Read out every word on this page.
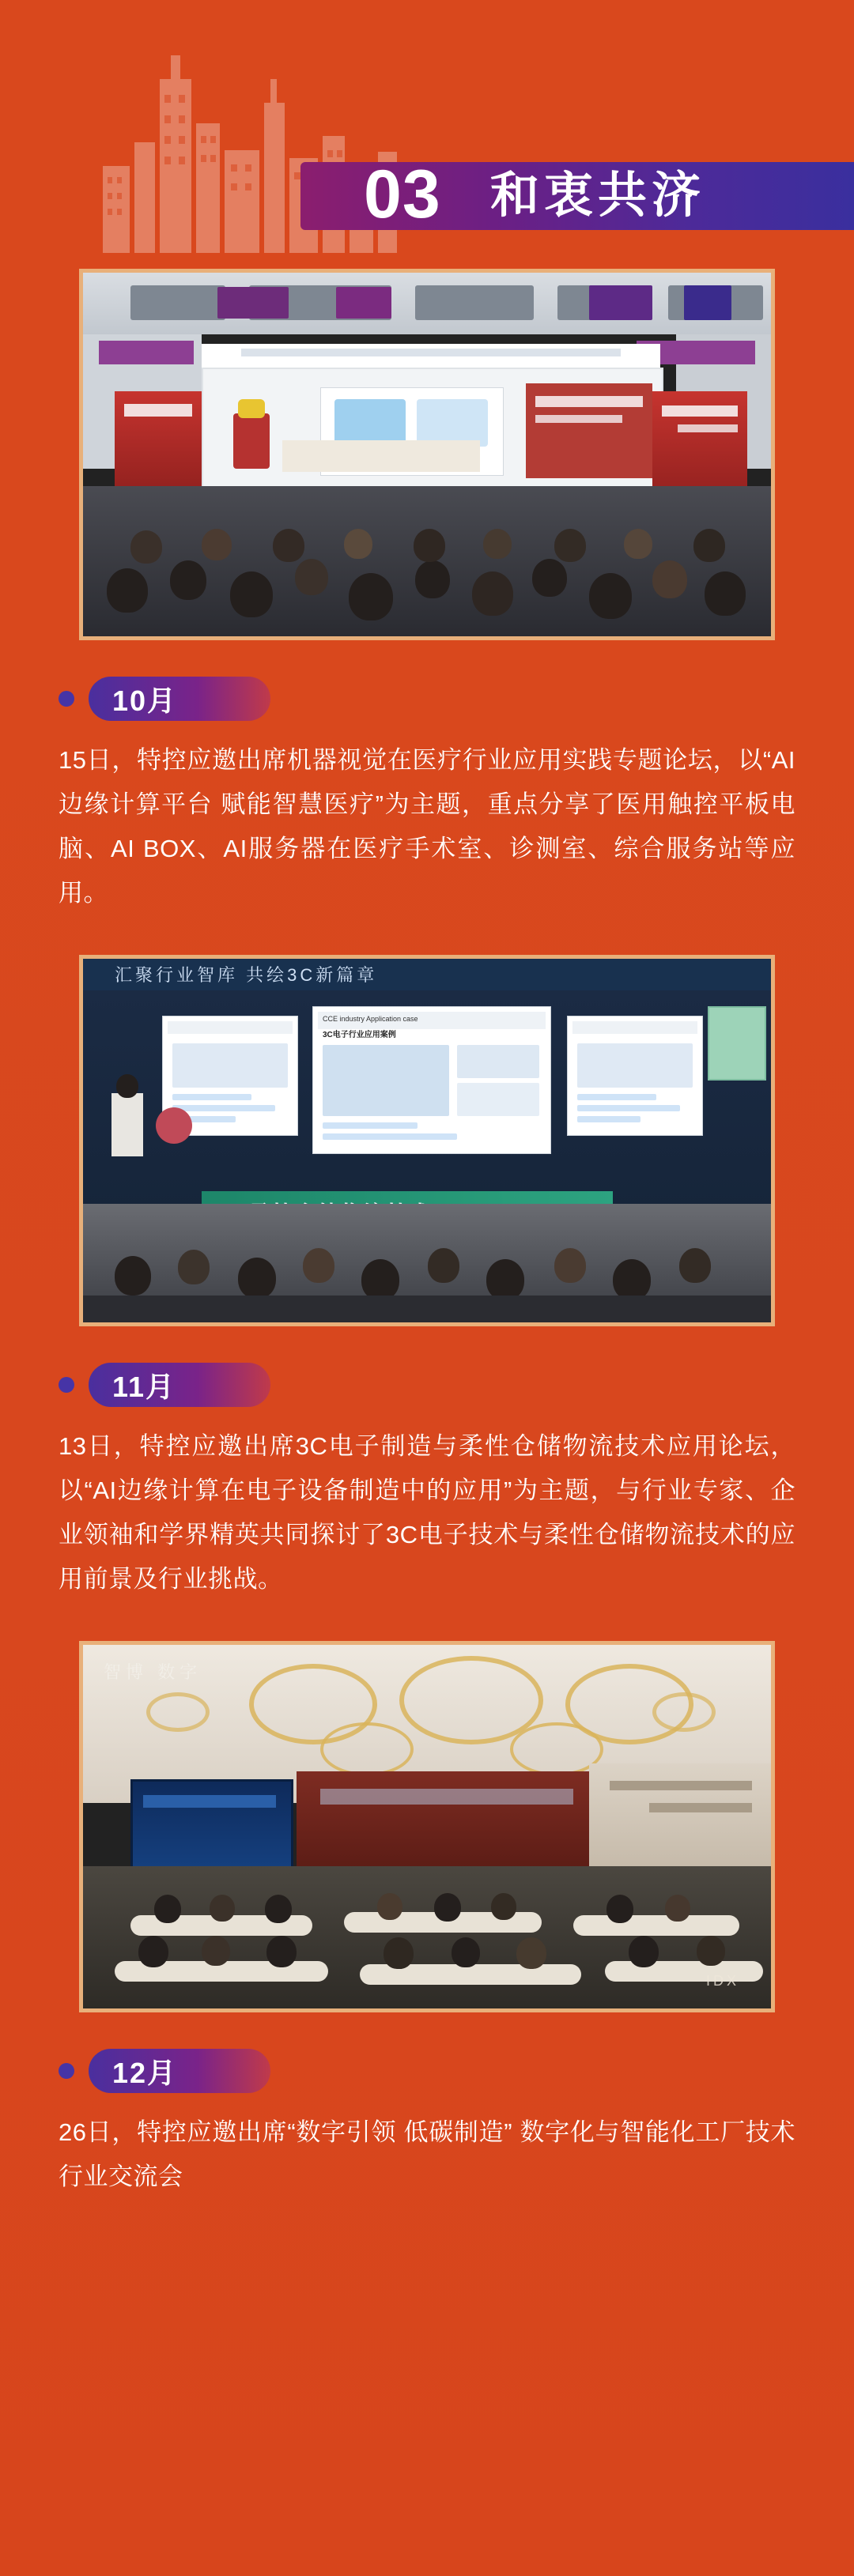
03 和衷共济
10月

15日，特控应邀出席机器视觉在医疗行业应用实践专题论坛，以“AI边缘计算平台 赋能智慧医疗”为主题，重点分享了医用触控平板电脑、AI BOX、AI服务器在医疗手术室、诊测室、综合服务站等应用。

汇聚行业智库 共绘3C新篇章
CCE industry Application case
3C电子行业应用案例
11月

13日，特控应邀出席3C电子制造与柔性仓储物流技术应用论坛，以“AI边缘计算在电子设备制造中的应用”为主题，与行业专家、企业领袖和学界精英共同探讨了3C电子技术与柔性仓储物流技术的应用前景及行业挑战。

智博 数字
IDX
12月

26日，特控应邀出席“数字引领 低碳制造” 数字化与智能化工厂技术行业交流会
